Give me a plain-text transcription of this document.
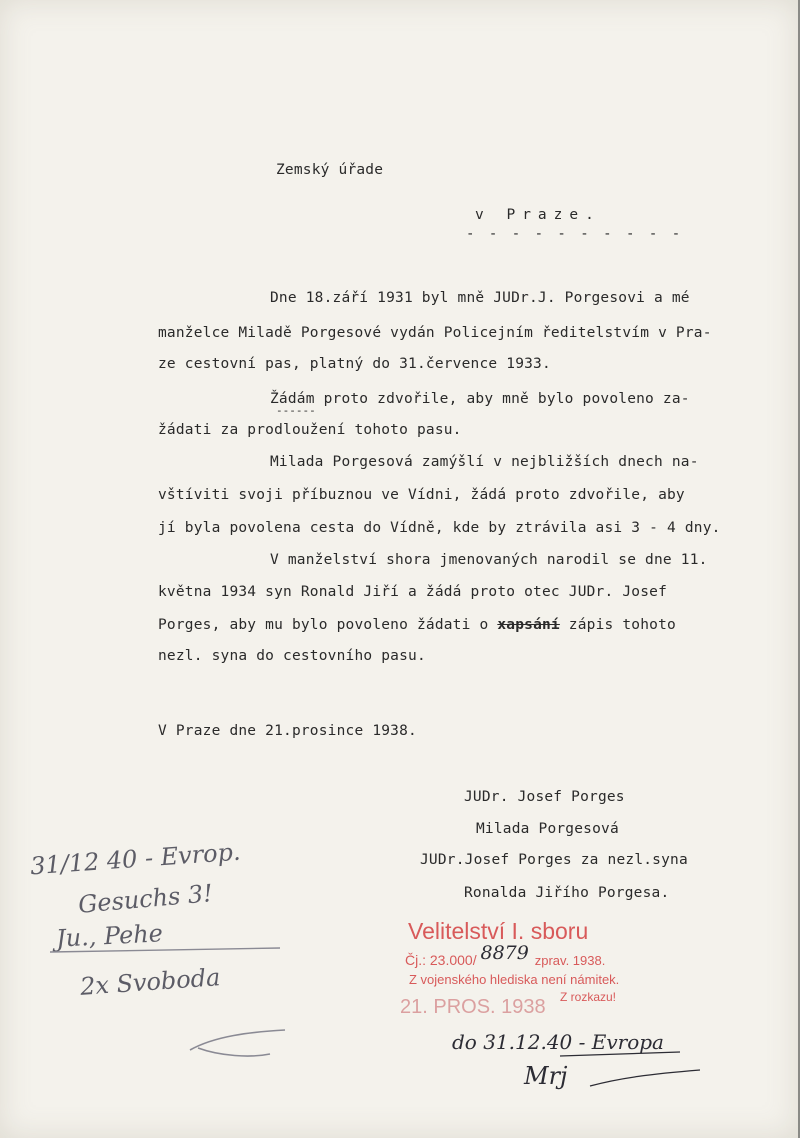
Zemský úřade
v Praze.
- - - - - - - - - -
Dne 18.září 1931 byl mně JUDr.J. Porgesovi a mé
manželce Miladě Porgesové vydán Policejním ředitelstvím v Pra-
ze cestovní pas, platný do 31.července 1933.
Žádám proto zdvořile, aby mně bylo povoleno za-
------
žádati za prodloužení tohoto pasu.
Milada Porgesová zamýšlí v nejbližších dnech na-
vštíviti svoji příbuznou ve Vídni, žádá proto zdvořile, aby
jí byla povolena cesta do Vídně, kde by ztrávila asi 3 - 4 dny.
V manželství shora jmenovaných narodil se dne 11.
května 1934 syn Ronald Jiří a žádá proto otec JUDr. Josef
Porges, aby mu bylo povoleno žádati o xapsání zápis tohoto
nezl. syna do cestovního pasu.
V Praze dne 21.prosince 1938.
JUDr. Josef Porges
Milada Porgesová
JUDr.Josef Porges za nezl.syna
Ronalda Jiřího Porgesa.
31/12 40 - Evrop.
Gesuchs 3!
Ju., Pehe
2x Svoboda
Velitelství I. sboru
Čj.: 23.000/ 8879 zprav. 1938.
Z vojenského hlediska není námitek.
21. PROS. 1938 Z rozkazu!
do 31.12.40 - Evropa
Mrj
